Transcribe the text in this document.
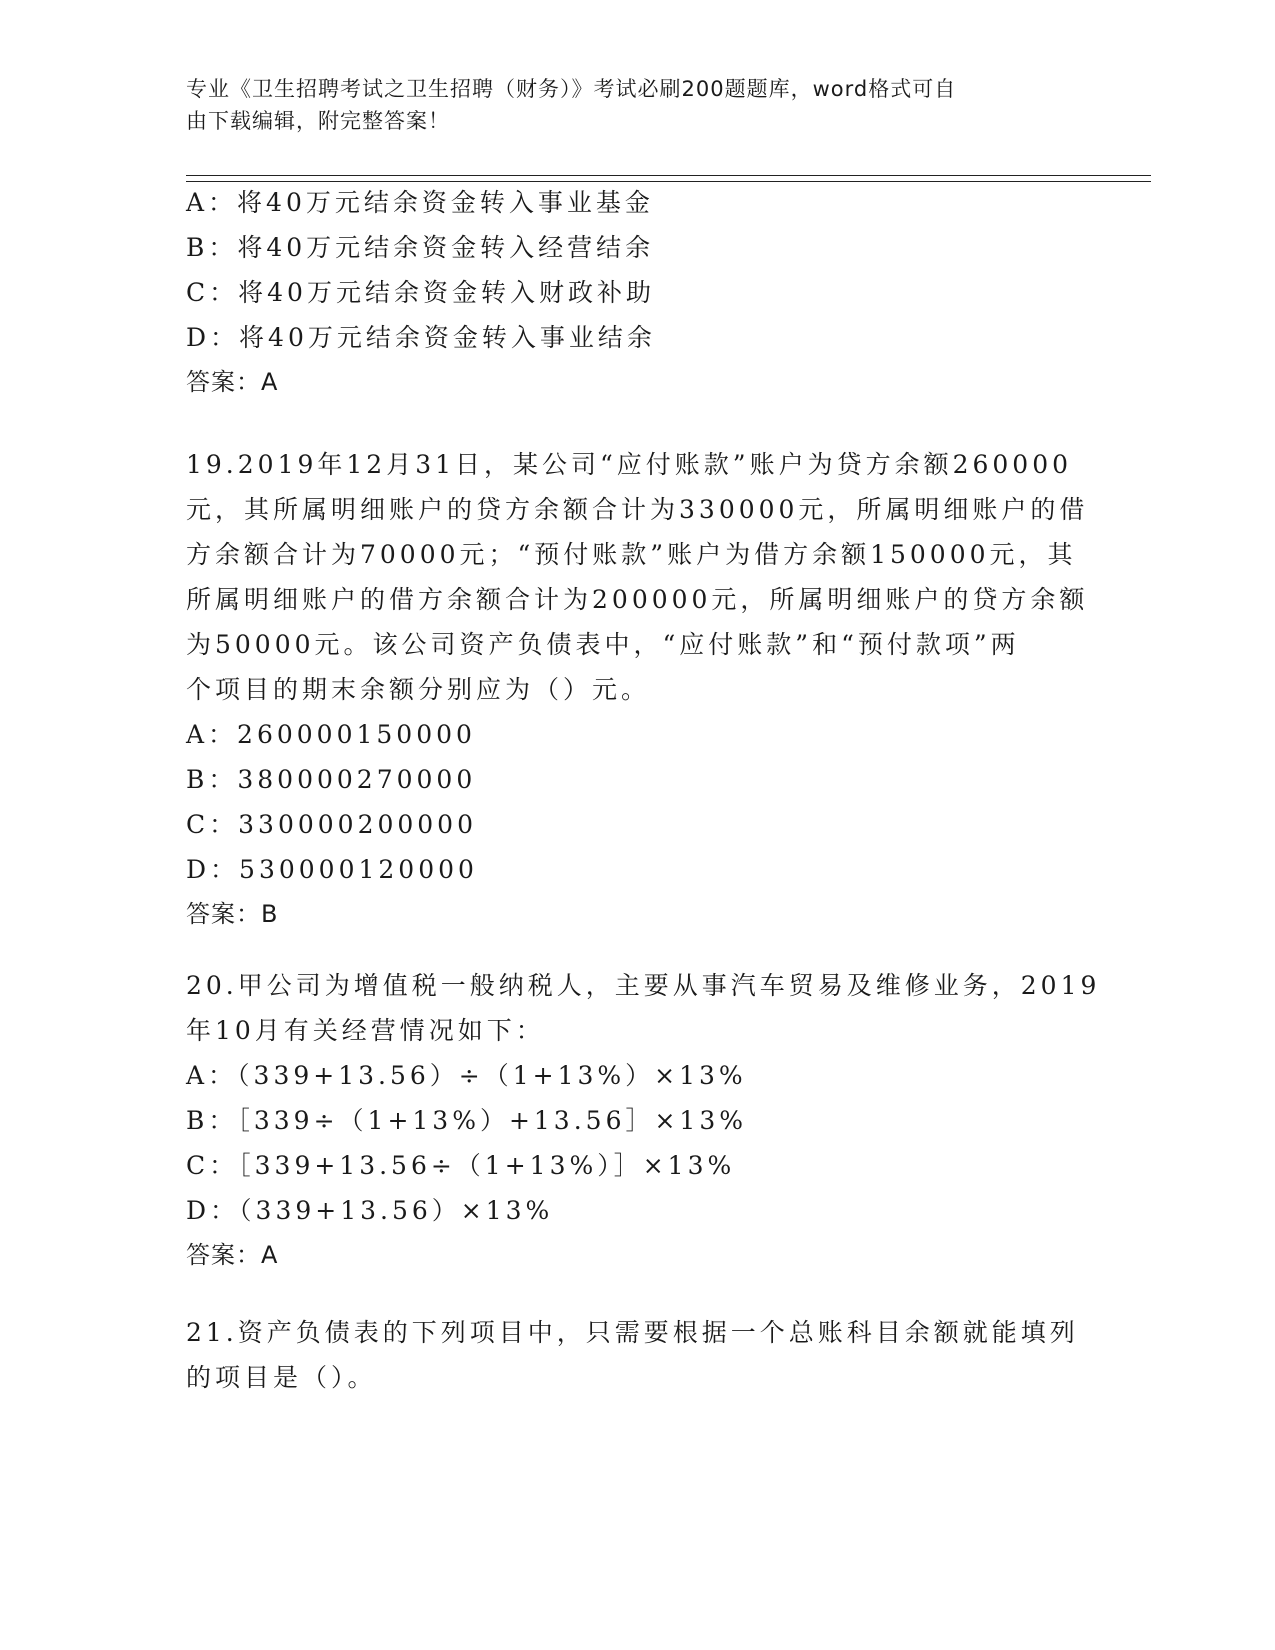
专业《卫生招聘考试之卫生招聘（财务）》考试必刷200题题库，word格式可自
由下载编辑，附完整答案！
A：将40万元结余资金转入事业基金
B：将40万元结余资金转入经营结余
C：将40万元结余资金转入财政补助
D：将40万元结余资金转入事业结余
答案：A
19.2019年12月31日，某公司“应付账款”账户为贷方余额260000
元，其所属明细账户的贷方余额合计为330000元，所属明细账户的借
方余额合计为70000元；“预付账款”账户为借方余额150000元，其
所属明细账户的借方余额合计为200000元，所属明细账户的贷方余额
为50000元。该公司资产负债表中，“应付账款”和“预付款项”两
个项目的期末余额分别应为（）元。
A：260000150000
B：380000270000
C：330000200000
D：530000120000
答案：B
20.甲公司为增值税一般纳税人，主要从事汽车贸易及维修业务，2019
年10月有关经营情况如下：
A：（339+13.56）÷（1+13%）×13%
B：［339÷（1+13%）+13.56］×13%
C：［339+13.56÷（1+13%）］×13%
D：（339+13.56）×13%
答案：A
21.资产负债表的下列项目中，只需要根据一个总账科目余额就能填列
的项目是（）。
